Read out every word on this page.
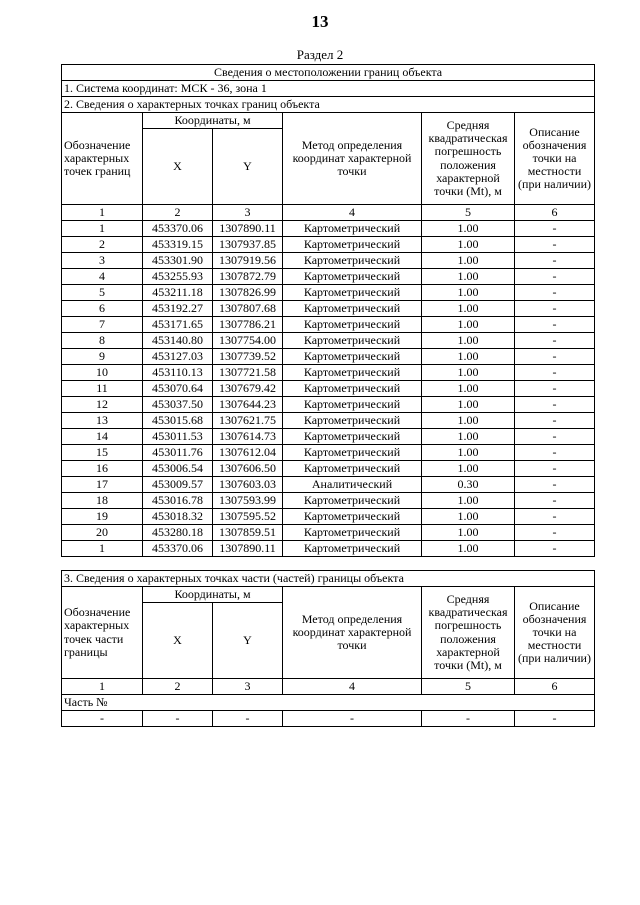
13
Раздел 2
Сведения о местоположении границ объекта					
1. Система координат: МСК - 36, зона 1					
2. Сведения о характерных точках границ объекта					
Обозначение характерных точек границ	Координаты, м		Метод определения координат характерной точки	Средняя квадратическая погрешность положения характерной точки (Mt), м	Описание обозначения точки на местности (при наличии)
	X	Y			
1	2	3	4	5	6
1	453370.06	1307890.11	Картометрический	1.00	-
2	453319.15	1307937.85	Картометрический	1.00	-
3	453301.90	1307919.56	Картометрический	1.00	-
4	453255.93	1307872.79	Картометрический	1.00	-
5	453211.18	1307826.99	Картометрический	1.00	-
6	453192.27	1307807.68	Картометрический	1.00	-
7	453171.65	1307786.21	Картометрический	1.00	-
8	453140.80	1307754.00	Картометрический	1.00	-
9	453127.03	1307739.52	Картометрический	1.00	-
10	453110.13	1307721.58	Картометрический	1.00	-
11	453070.64	1307679.42	Картометрический	1.00	-
12	453037.50	1307644.23	Картометрический	1.00	-
13	453015.68	1307621.75	Картометрический	1.00	-
14	453011.53	1307614.73	Картометрический	1.00	-
15	453011.76	1307612.04	Картометрический	1.00	-
16	453006.54	1307606.50	Картометрический	1.00	-
17	453009.57	1307603.03	Аналитический	0.30	-
18	453016.78	1307593.99	Картометрический	1.00	-
19	453018.32	1307595.52	Картометрический	1.00	-
20	453280.18	1307859.51	Картометрический	1.00	-
1	453370.06	1307890.11	Картометрический	1.00	-
3. Сведения о характерных точках части (частей) границы объекта					
Обозначение характерных точек части границы	Координаты, м		Метод определения координат характерной точки	Средняя квадратическая погрешность положения характерной точки (Mt), м	Описание обозначения точки на местности (при наличии)
	X	Y			
1	2	3	4	5	6
Часть №					
-	-	-	-	-	-
